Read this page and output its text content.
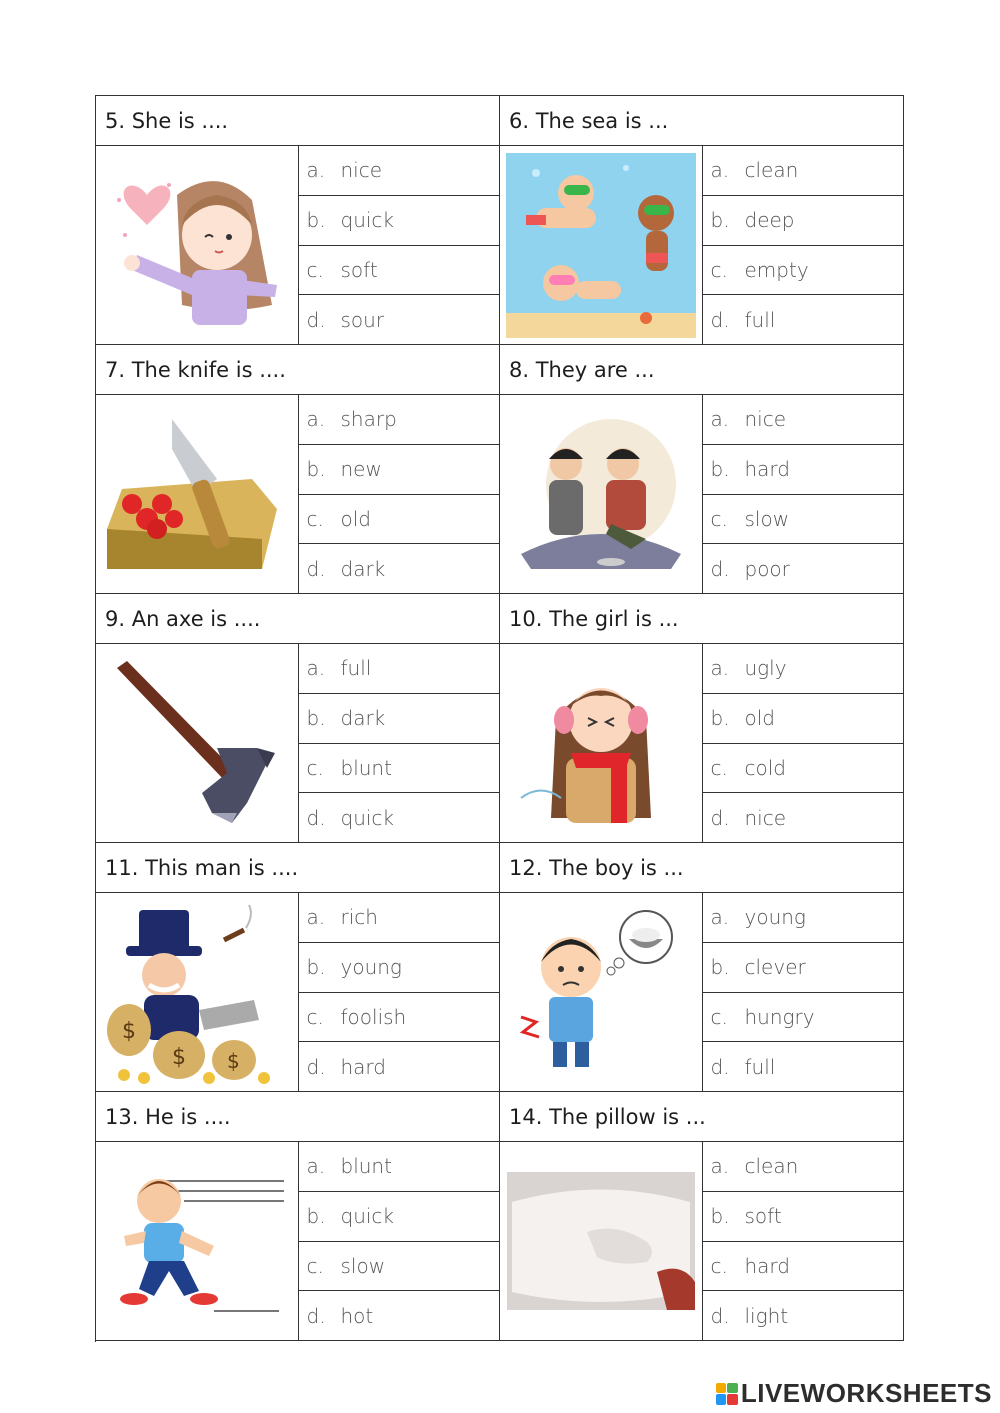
5. She is ....	6. The sea is ...
a. nice
b. quick
c. soft
d. sour
a. clean
b. deep
c. empty
d. full
7. The knife is ....	8. They are ...
a. sharp
b. new
c. old
d. dark
a. nice
b. hard
c. slow
d. poor
9. An axe is ....	10. The girl is ...
a. full
b. dark
c. blunt
d. quick
a. ugly
b. old
c. cold
d. nice
11. This man is ....	12. The boy is ...
$
$ $
a. rich
b. young
c. foolish
d. hard
a. young
b. clever
c. hungry
d. full
13. He is ....	14. The pillow is ...
a. blunt
b. quick
c. slow
d. hot
a. clean
b. soft
c. hard
d. light
LIVEWORKSHEETS
